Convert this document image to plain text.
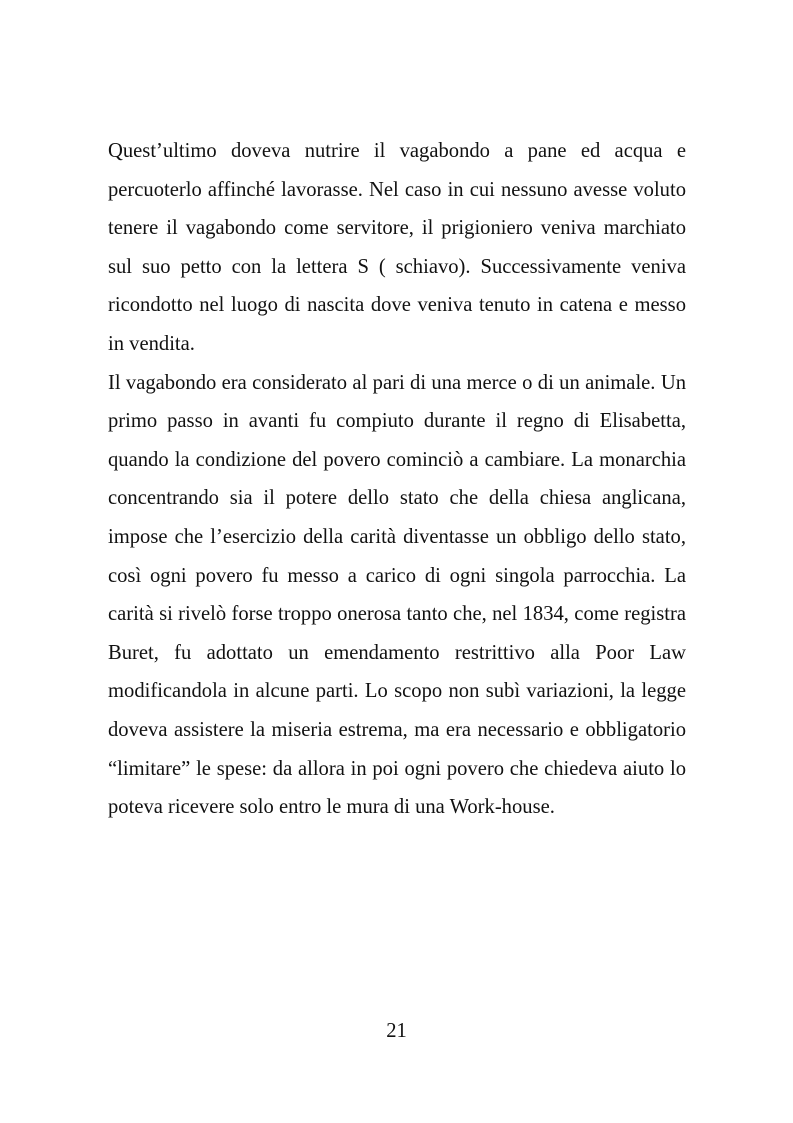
Quest’ultimo doveva nutrire il vagabondo a pane ed acqua e percuoterlo affinché lavorasse. Nel caso in cui nessuno avesse voluto tenere il vagabondo come servitore, il prigioniero veniva marchiato sul suo petto con la lettera S ( schiavo). Successivamente veniva ricondotto nel luogo di nascita dove veniva tenuto in catena e messo in vendita.

Il vagabondo era considerato al pari di una merce o di un animale. Un primo passo in avanti fu compiuto durante il regno di Elisabetta, quando la condizione del povero cominciò a cambiare. La monarchia concentrando sia il potere dello stato che della chiesa anglicana, impose che l’esercizio della carità diventasse un obbligo dello stato, così ogni povero fu messo a carico di ogni singola parrocchia. La carità si rivelò forse troppo onerosa tanto che, nel 1834, come registra Buret, fu adottato un emendamento restrittivo alla Poor Law modificandola in alcune parti. Lo scopo non subì variazioni, la legge doveva assistere la miseria estrema, ma era necessario e obbligatorio “limitare” le spese: da allora in poi ogni povero che chiedeva aiuto lo poteva ricevere solo entro le mura di una Work-house.

21
